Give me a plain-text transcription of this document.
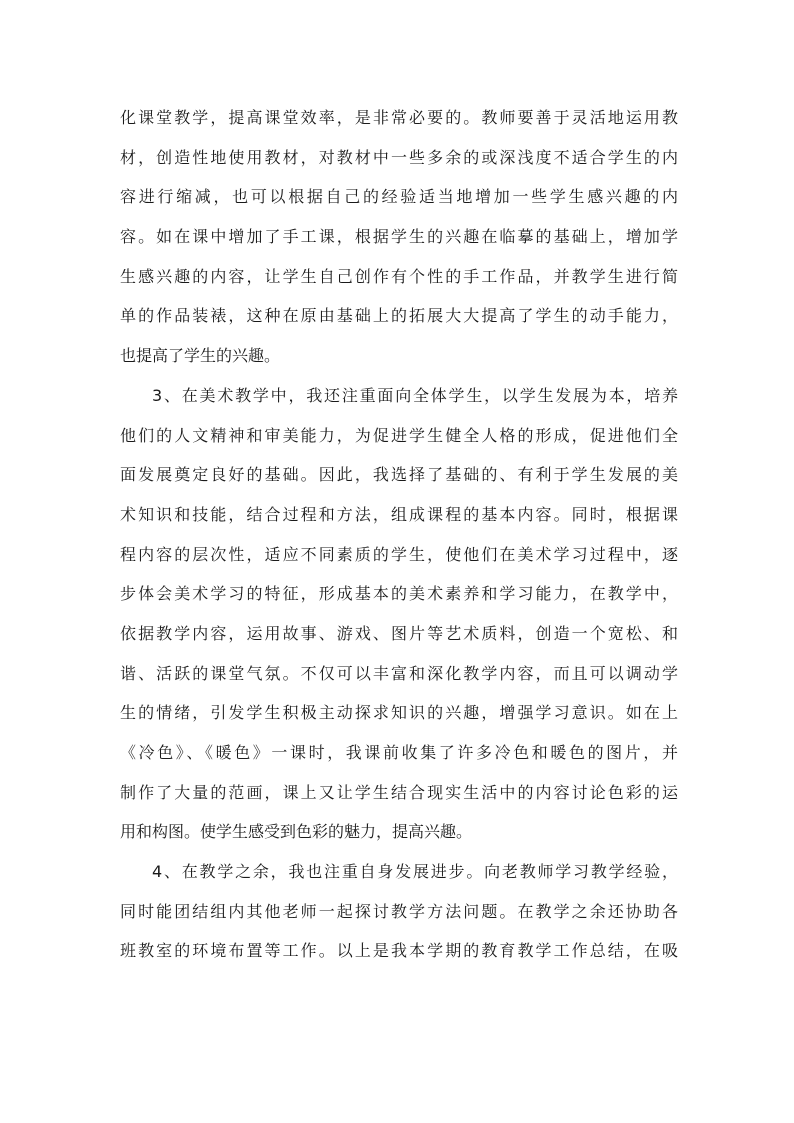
化课堂教学，提高课堂效率，是非常必要的。教师要善于灵活地运用教
材，创造性地使用教材，对教材中一些多余的或深浅度不适合学生的内
容进行缩减，也可以根据自己的经验适当地增加一些学生感兴趣的内
容。如在课中增加了手工课，根据学生的兴趣在临摹的基础上，增加学
生感兴趣的内容，让学生自己创作有个性的手工作品，并教学生进行简
单的作品装裱，这种在原由基础上的拓展大大提高了学生的动手能力，
也提高了学生的兴趣。
3、在美术教学中，我还注重面向全体学生，以学生发展为本，培养
他们的人文精神和审美能力，为促进学生健全人格的形成，促进他们全
面发展奠定良好的基础。因此，我选择了基础的、有利于学生发展的美
术知识和技能，结合过程和方法，组成课程的基本内容。同时，根据课
程内容的层次性，适应不同素质的学生，使他们在美术学习过程中，逐
步体会美术学习的特征，形成基本的美术素养和学习能力，在教学中，
依据教学内容，运用故事、游戏、图片等艺术质料，创造一个宽松、和
谐、活跃的课堂气氛。不仅可以丰富和深化教学内容，而且可以调动学
生的情绪，引发学生积极主动探求知识的兴趣，增强学习意识。如在上
《冷色》、《暖色》一课时，我课前收集了许多冷色和暖色的图片，并
制作了大量的范画，课上又让学生结合现实生活中的内容讨论色彩的运
用和构图。使学生感受到色彩的魅力，提高兴趣。
4、在教学之余，我也注重自身发展进步。向老教师学习教学经验，
同时能团结组内其他老师一起探讨教学方法问题。在教学之余还协助各
班教室的环境布置等工作。以上是我本学期的教育教学工作总结，在吸
